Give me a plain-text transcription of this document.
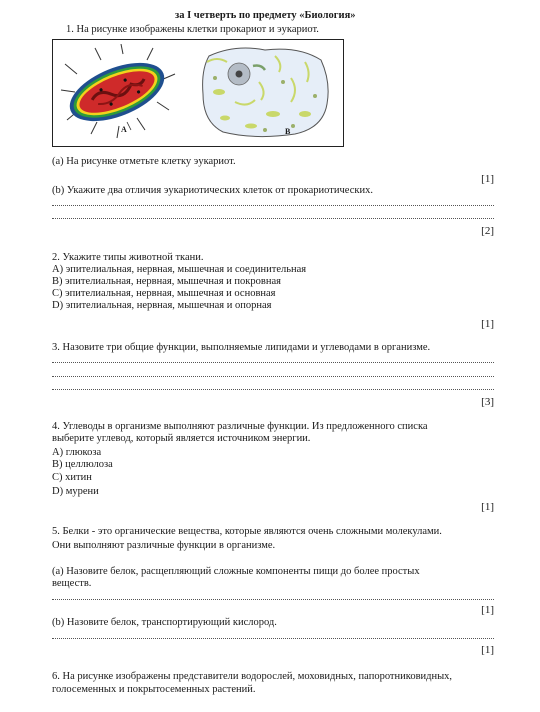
за I четверть по предмету «Биология»
1. На рисунке изображены клетки прокариот и эукариот.
A	B
(a) На рисунке отметьте клетку эукариот.
[1]
(b) Укажите два отличия эукариотических клеток от прокариотических.
[2]
2. Укажите типы животной ткани.
A) эпителиальная, нервная, мышечная и соединительная
B) эпителиальная, нервная, мышечная и покровная
C) эпителиальная, нервная, мышечная и основная
D) эпителиальная, нервная, мышечная и опорная
[1]
3. Назовите три общие функции, выполняемые липидами и углеводами в организме.
[3]
4. Углеводы в организме выполняют различные функции. Из предложенного списка
выберите углевод, который является источником энергии.
A) глюкоза
B) целлюлоза
C) хитин
D) мурени
[1]
5. Белки - это органические вещества, которые являются очень сложными молекулами.
Они выполняют различные функции в организме.
(a) Назовите белок, расщепляющий сложные компоненты пищи до более простых
веществ.
[1]
(b) Назовите белок, транспортирующий кислород.
[1]
6. На рисунке изображены представители водорослей, моховидных, папоротниковидных,
голосеменных и покрытосеменных растений.
